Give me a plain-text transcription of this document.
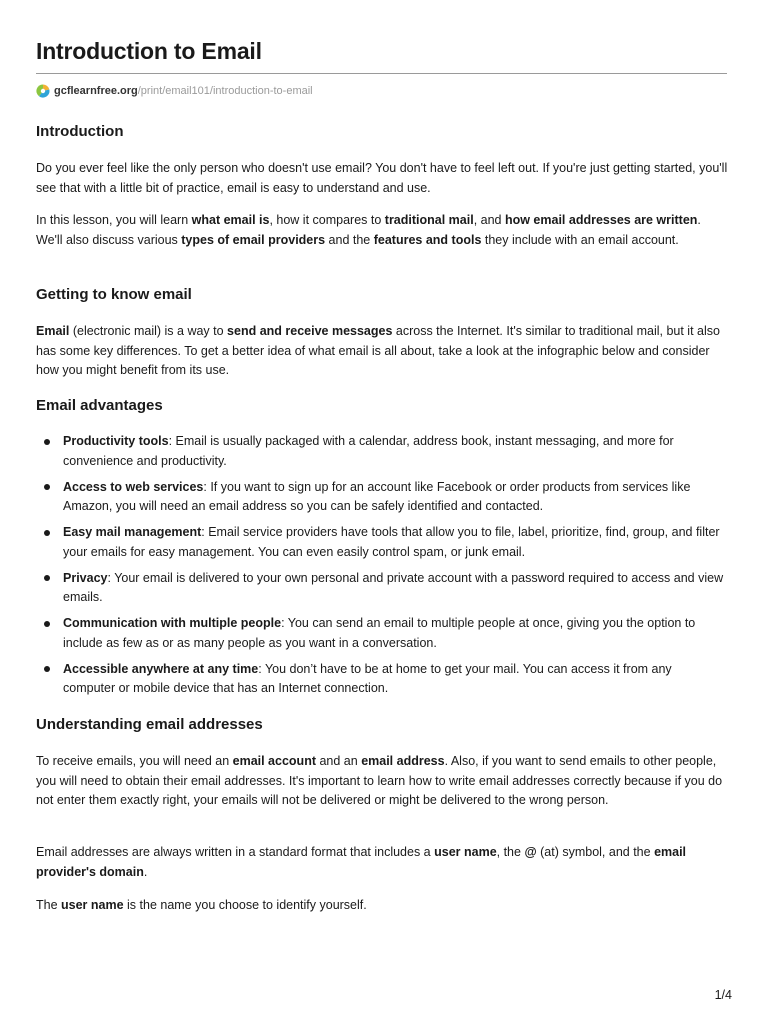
Introduction to Email
gcflearnfree.org /print/email101/introduction-to-email
Introduction

Do you ever feel like the only person who doesn't use email? You don't have to feel left out. If you're just getting started, you'll see that with a little bit of practice, email is easy to understand and use.

In this lesson, you will learn what email is, how it compares to traditional mail, and how email addresses are written. We'll also discuss various types of email providers and the features and tools they include with an email account.

Getting to know email

Email (electronic mail) is a way to send and receive messages across the Internet. It's similar to traditional mail, but it also has some key differences. To get a better idea of what email is all about, take a look at the infographic below and consider how you might benefit from its use.

Email advantages
Productivity tools: Email is usually packaged with a calendar, address book, instant messaging, and more for convenience and productivity.
Access to web services: If you want to sign up for an account like Facebook or order products from services like Amazon, you will need an email address so you can be safely identified and contacted.
Easy mail management: Email service providers have tools that allow you to file, label, prioritize, find, group, and filter your emails for easy management. You can even easily control spam, or junk email.
Privacy: Your email is delivered to your own personal and private account with a password required to access and view emails.
Communication with multiple people: You can send an email to multiple people at once, giving you the option to include as few as or as many people as you want in a conversation.
Accessible anywhere at any time: You don’t have to be at home to get your mail. You can access it from any computer or mobile device that has an Internet connection.
Understanding email addresses

To receive emails, you will need an email account and an email address. Also, if you want to send emails to other people, you will need to obtain their email addresses. It's important to learn how to write email addresses correctly because if you do not enter them exactly right, your emails will not be delivered or might be delivered to the wrong person.

Email addresses are always written in a standard format that includes a user name, the @ (at) symbol, and the email provider's domain.

The user name is the name you choose to identify yourself.

1/4
